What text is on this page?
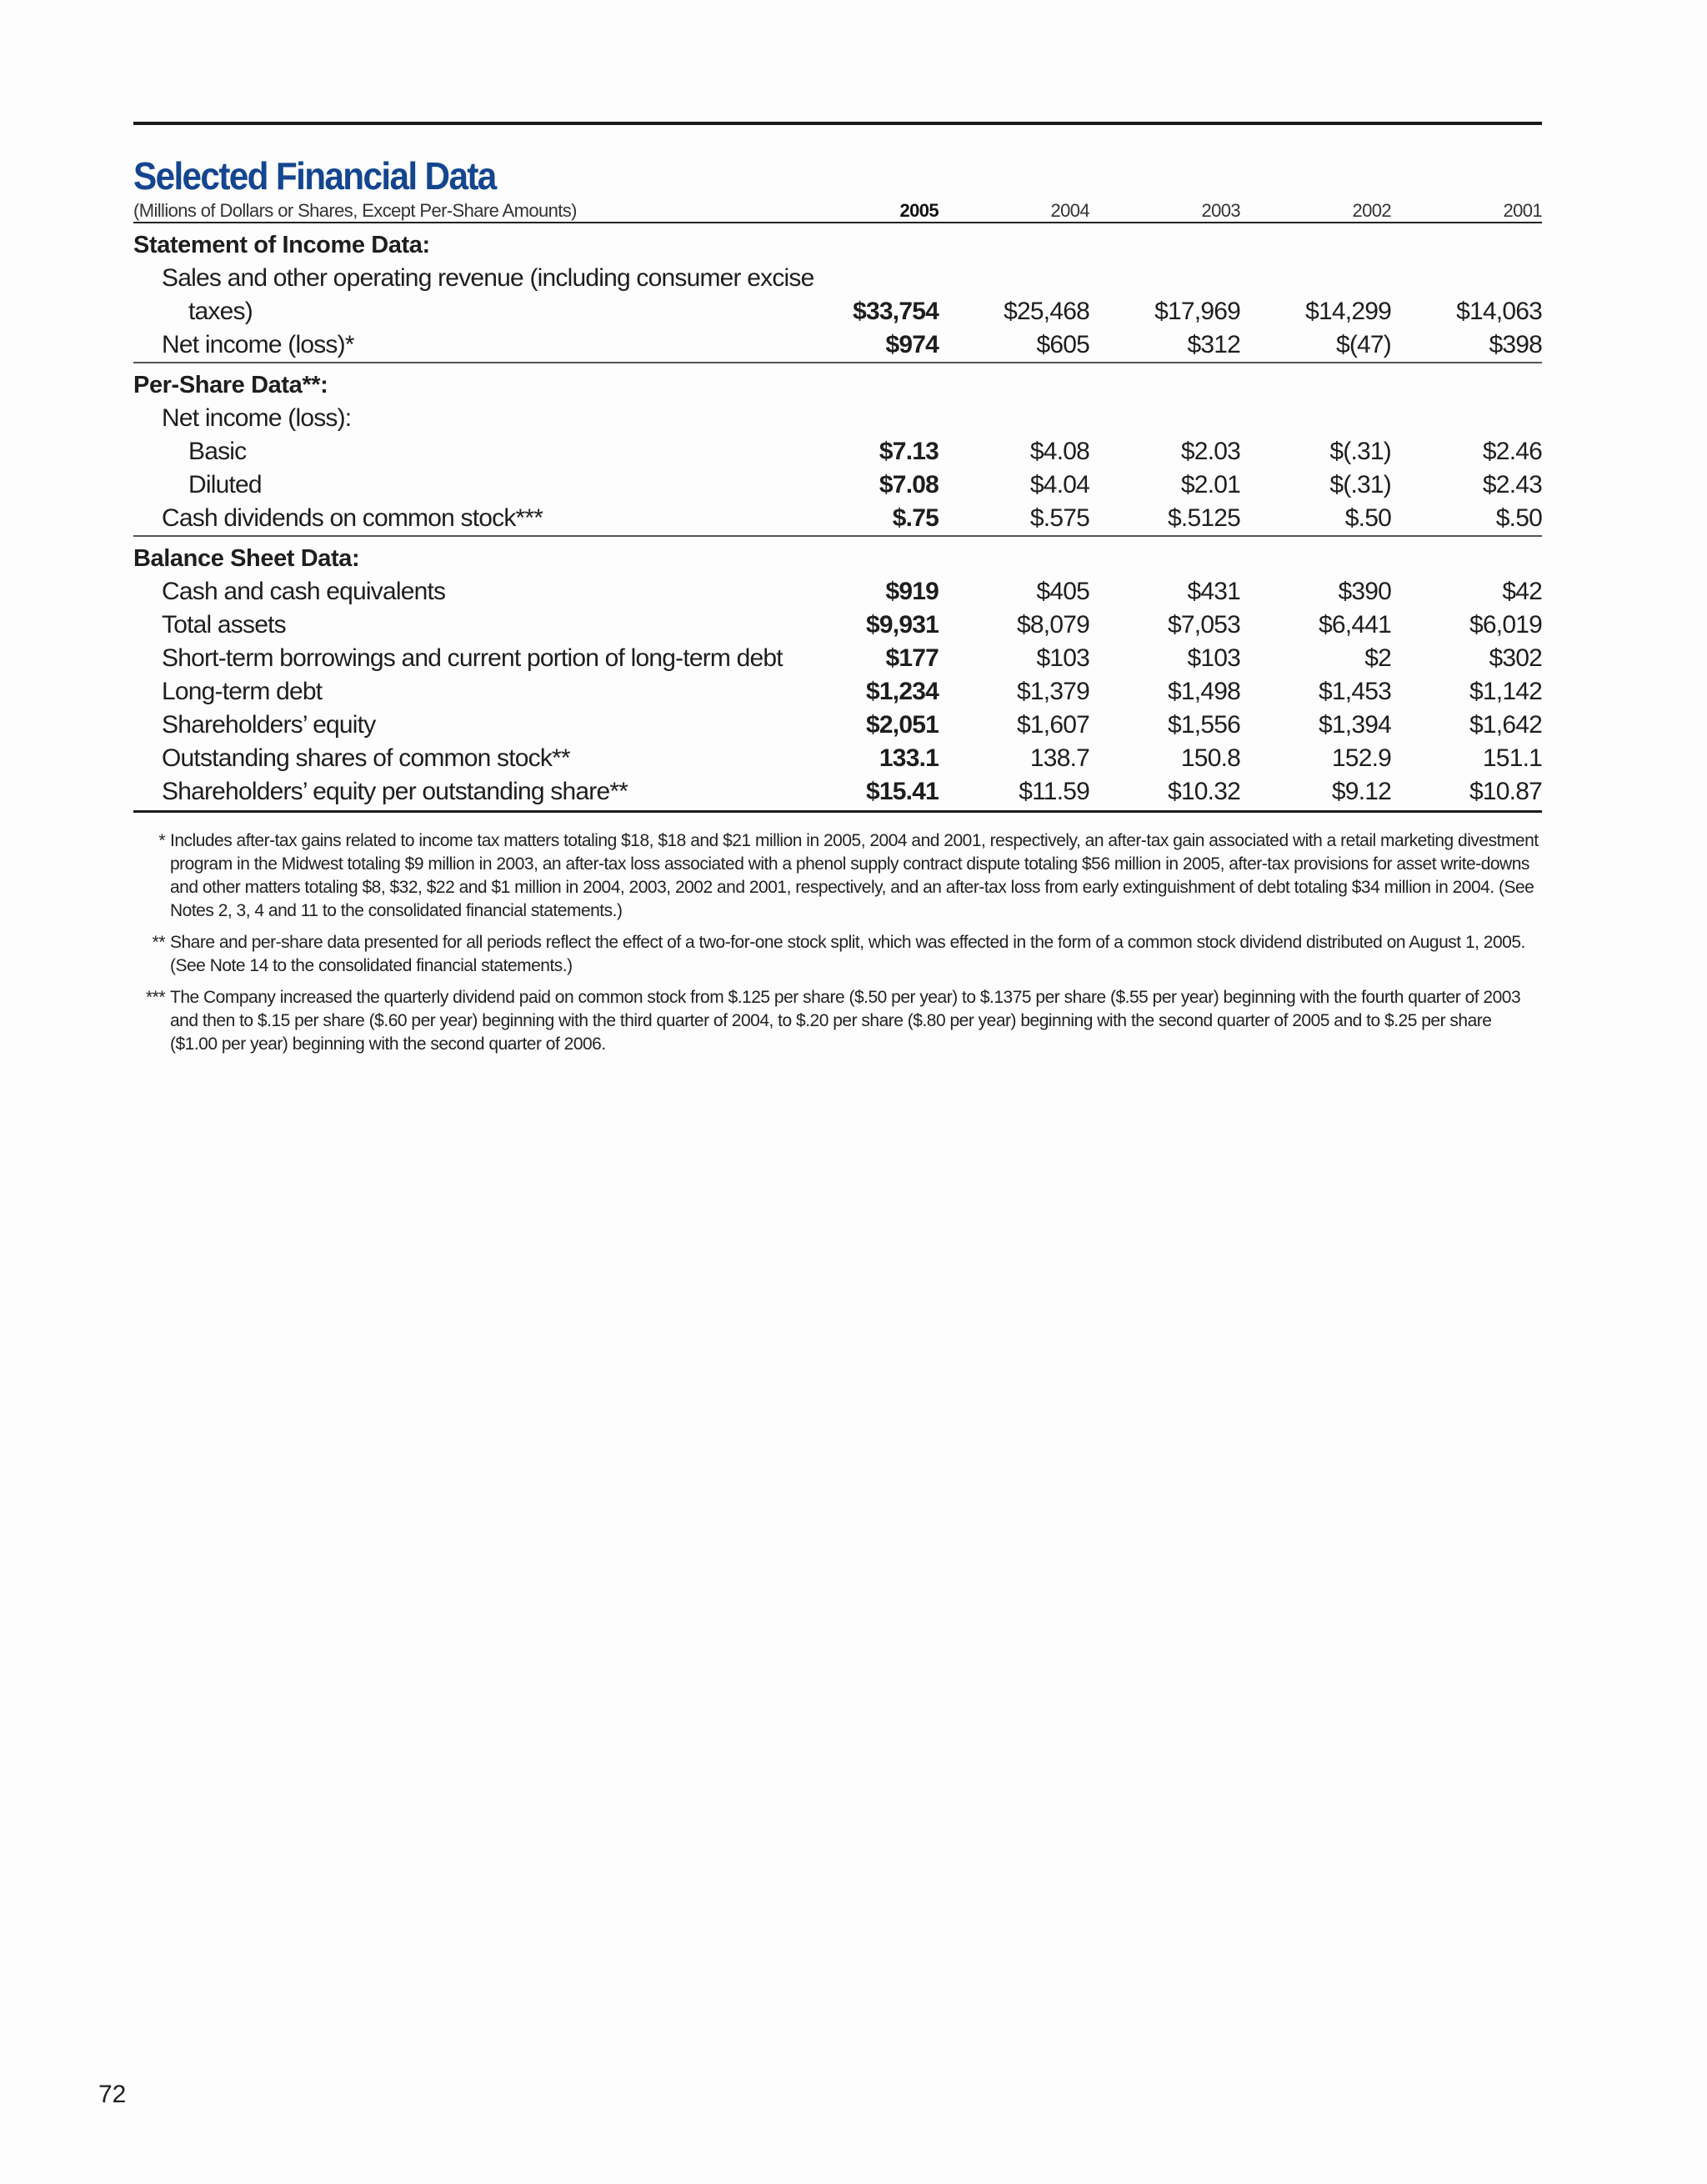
Selected Financial Data
(Millions of Dollars or Shares, Except Per-Share Amounts)	2005	2004	2003	2002	2001
Statement of Income Data:
Sales and other operating revenue (including consumer excise
taxes)	$33,754	$25,468	$17,969	$14,299	$14,063
Net income (loss)*	$974	$605	$312	$(47)	$398
Per-Share Data**:
Net income (loss):
Basic	$7.13	$4.08	$2.03	$(.31)	$2.46
Diluted	$7.08	$4.04	$2.01	$(.31)	$2.43
Cash dividends on common stock***	$.75	$.575	$.5125	$.50	$.50
Balance Sheet Data:
Cash and cash equivalents	$919	$405	$431	$390	$42
Total assets	$9,931	$8,079	$7,053	$6,441	$6,019
Short-term borrowings and current portion of long-term debt	$177	$103	$103	$2	$302
Long-term debt	$1,234	$1,379	$1,498	$1,453	$1,142
Shareholders’ equity	$2,051	$1,607	$1,556	$1,394	$1,642
Outstanding shares of common stock**	133.1	138.7	150.8	152.9	151.1
Shareholders’ equity per outstanding share**	$15.41	$11.59	$10.32	$9.12	$10.87
* Includes after-tax gains related to income tax matters totaling $18, $18 and $21 million in 2005, 2004 and 2001, respectively, an after-tax gain associated with a retail marketing divestment program in the Midwest totaling $9 million in 2003, an after-tax loss associated with a phenol supply contract dispute totaling $56 million in 2005, after-tax provisions for asset write-downs and other matters totaling $8, $32, $22 and $1 million in 2004, 2003, 2002 and 2001, respectively, and an after-tax loss from early extinguishment of debt totaling $34 million in 2004. (See Notes 2, 3, 4 and 11 to the consolidated financial statements.)
** Share and per-share data presented for all periods reflect the effect of a two-for-one stock split, which was effected in the form of a common stock dividend distributed on August 1, 2005. (See Note 14 to the consolidated financial statements.)
*** The Company increased the quarterly dividend paid on common stock from $.125 per share ($.50 per year) to $.1375 per share ($.55 per year) beginning with the fourth quarter of 2003 and then to $.15 per share ($.60 per year) beginning with the third quarter of 2004, to $.20 per share ($.80 per year) beginning with the second quarter of 2005 and to $.25 per share ($1.00 per year) beginning with the second quarter of 2006.
72
